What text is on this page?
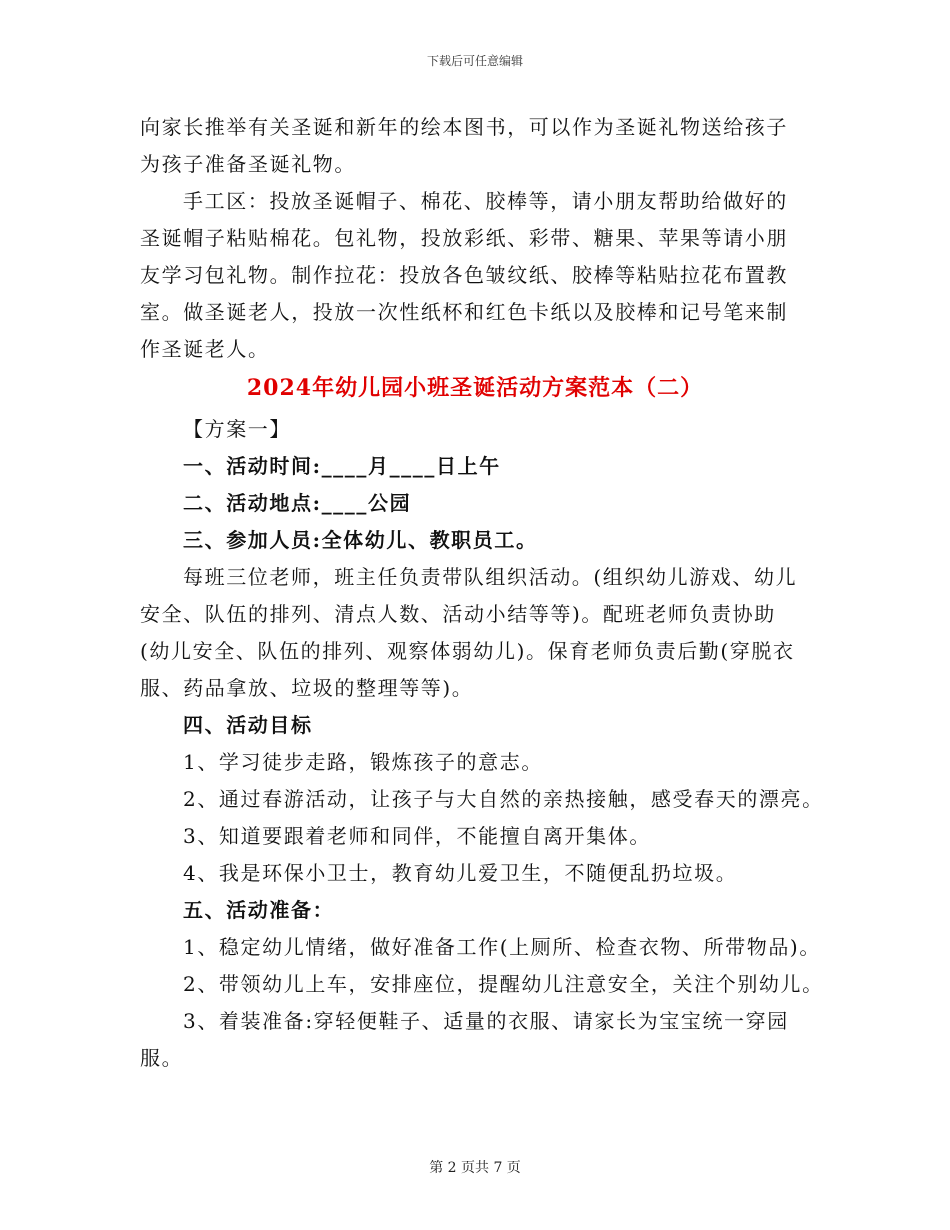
下载后可任意编辑
向家长推举有关圣诞和新年的绘本图书，可以作为圣诞礼物送给孩子
为孩子准备圣诞礼物。
手工区：投放圣诞帽子、棉花、胶棒等，请小朋友帮助给做好的
圣诞帽子粘贴棉花。包礼物，投放彩纸、彩带、糖果、苹果等请小朋
友学习包礼物。制作拉花：投放各色皱纹纸、胶棒等粘贴拉花布置教
室。做圣诞老人，投放一次性纸杯和红色卡纸以及胶棒和记号笔来制
作圣诞老人。
2024年幼儿园小班圣诞活动方案范本（二）
【方案一】
一、活动时间:____月____日上午
二、活动地点:____公园
三、参加人员:全体幼儿、教职员工。
每班三位老师，班主任负责带队组织活动。(组织幼儿游戏、幼儿
安全、队伍的排列、清点人数、活动小结等等)。配班老师负责协助
(幼儿安全、队伍的排列、观察体弱幼儿)。保育老师负责后勤(穿脱衣
服、药品拿放、垃圾的整理等等)。
四、活动目标
1、学习徒步走路，锻炼孩子的意志。
2、通过春游活动，让孩子与大自然的亲热接触，感受春天的漂亮。
3、知道要跟着老师和同伴，不能擅自离开集体。
4、我是环保小卫士，教育幼儿爱卫生，不随便乱扔垃圾。
五、活动准备：
1、稳定幼儿情绪，做好准备工作(上厕所、检查衣物、所带物品)。
2、带领幼儿上车，安排座位，提醒幼儿注意安全，关注个别幼儿。
3、着装准备:穿轻便鞋子、适量的衣服、请家长为宝宝统一穿园
服。
第 2 页共 7 页
